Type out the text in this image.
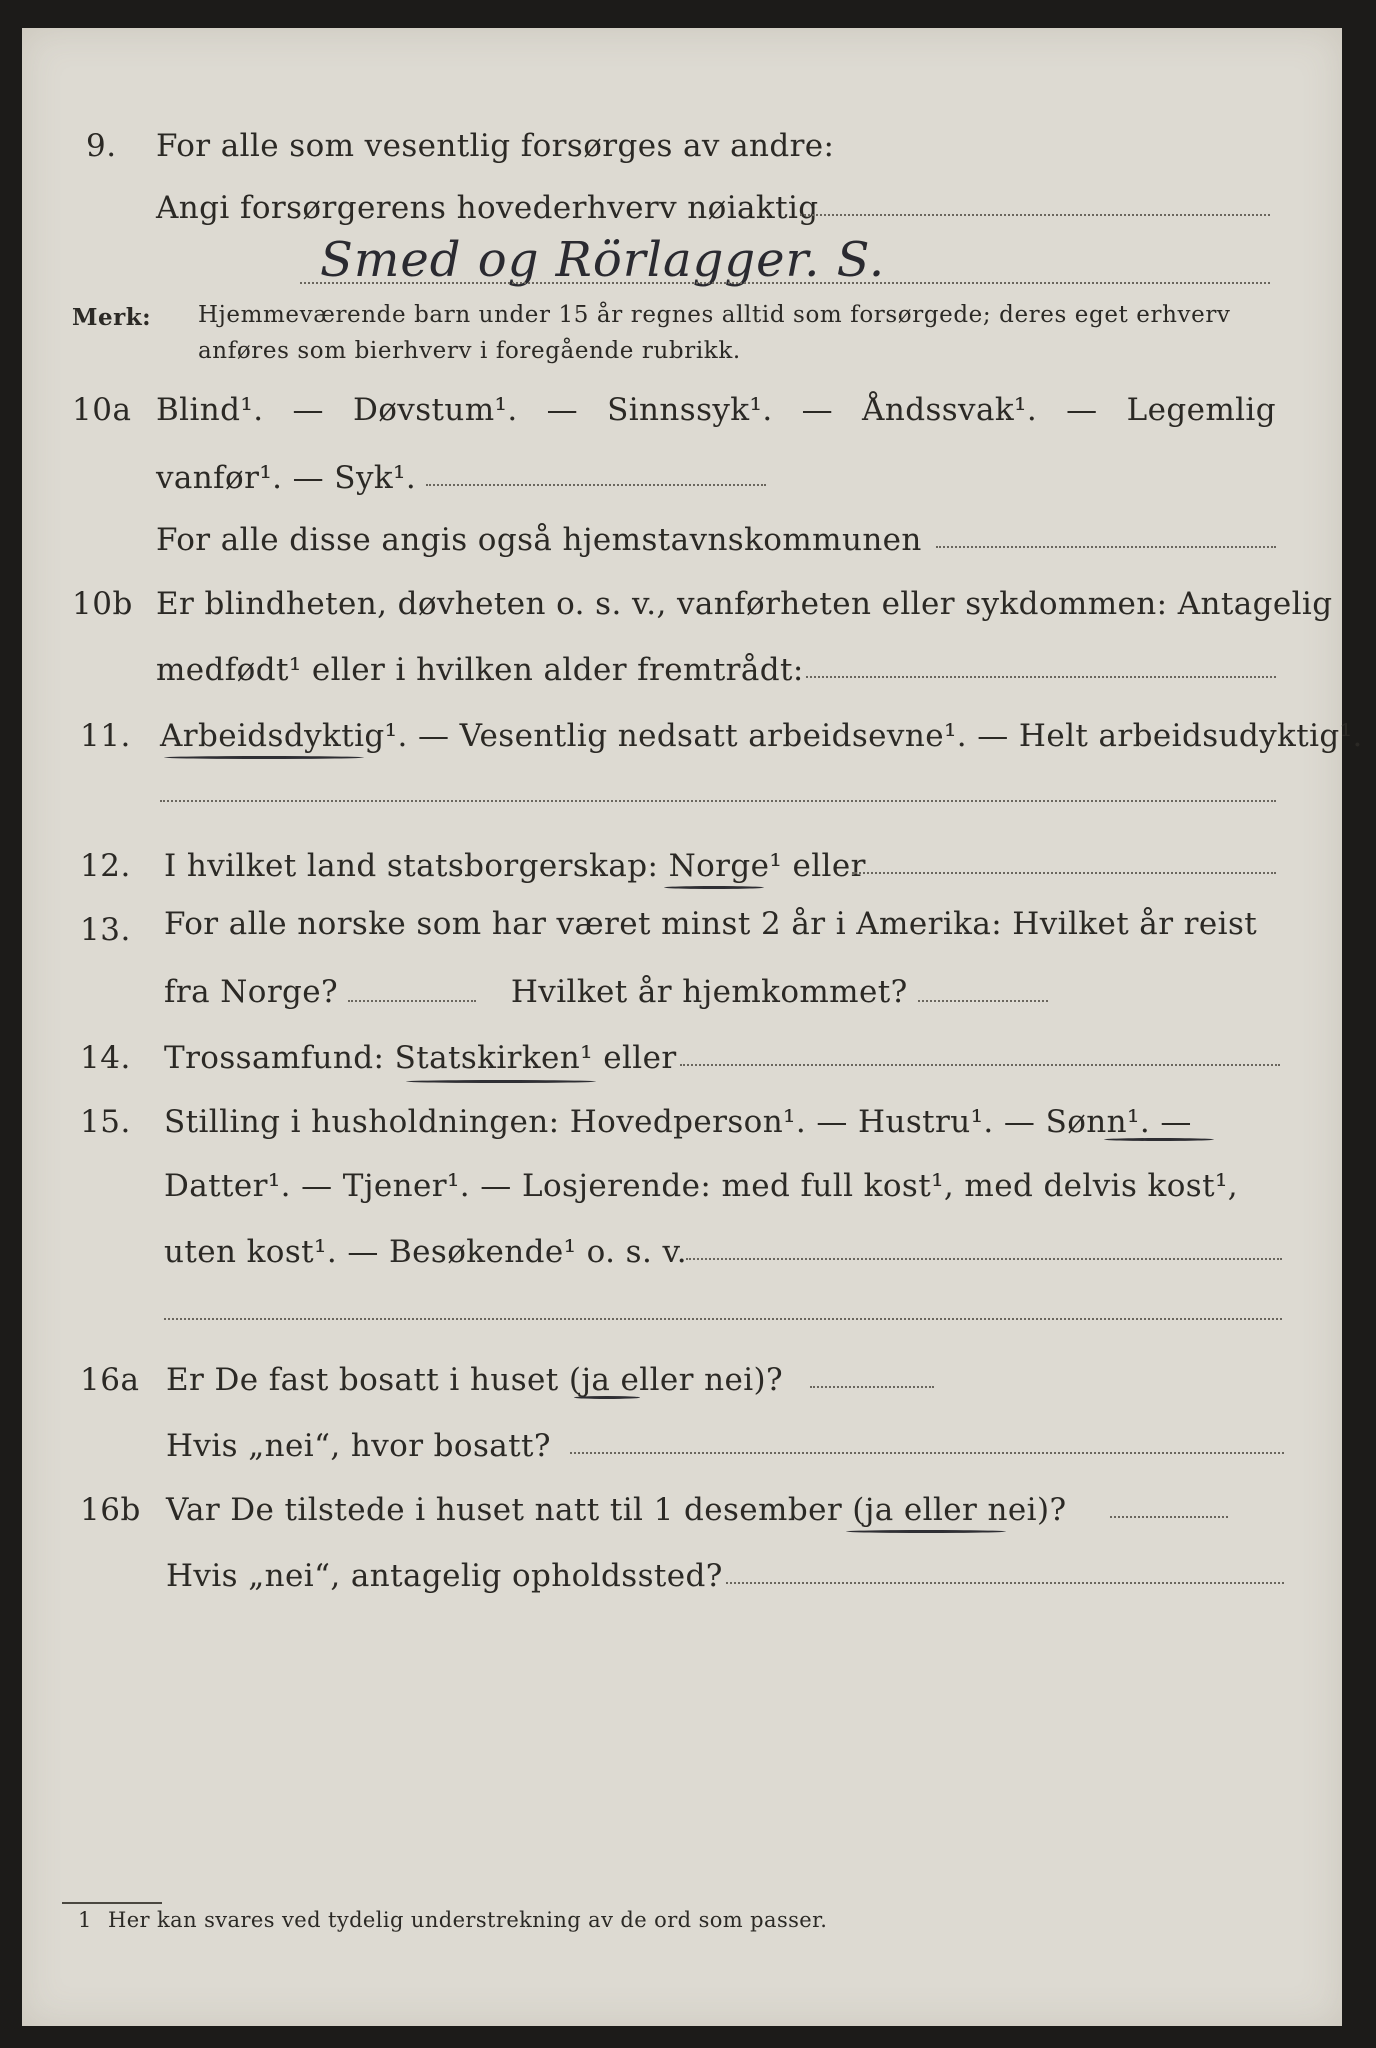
9. For alle som vesentlig forsørges av andre:
Angi forsørgerens hovederhverv nøiaktig
Smed og Rörlagger. S.
Merk: Hjemmeværende barn under 15 år regnes alltid som forsørgede; deres eget erhverv
anføres som bierhverv i foregående rubrikk.
10a Blind¹. — Døvstum¹. — Sinnssyk¹. — Åndssvak¹. — Legemlig
vanfør¹. — Syk¹.
For alle disse angis også hjemstavnskommunen
10b Er blindheten, døvheten o. s. v., vanførheten eller sykdommen: Antagelig
medfødt¹ eller i hvilken alder fremtrådt:
11. Arbeidsdyktig¹. — Vesentlig nedsatt arbeidsevne¹. — Helt arbeidsudyktig¹.
12. I hvilket land statsborgerskap: Norge¹ eller
13. For alle norske som har været minst 2 år i Amerika: Hvilket år reist
fra Norge?	Hvilket år hjemkommet?
14. Trossamfund: Statskirken¹ eller
15. Stilling i husholdningen: Hovedperson¹. — Hustru¹. — Sønn¹. —
Datter¹. — Tjener¹. — Losjerende: med full kost¹, med delvis kost¹,
uten kost¹. — Besøkende¹ o. s. v.
16a Er De fast bosatt i huset (ja eller nei)?
Hvis „nei“, hvor bosatt?
16b Var De tilstede i huset natt til 1 desember (ja eller nei)?
Hvis „nei“, antagelig opholdssted?
1 Her kan svares ved tydelig understrekning av de ord som passer.
